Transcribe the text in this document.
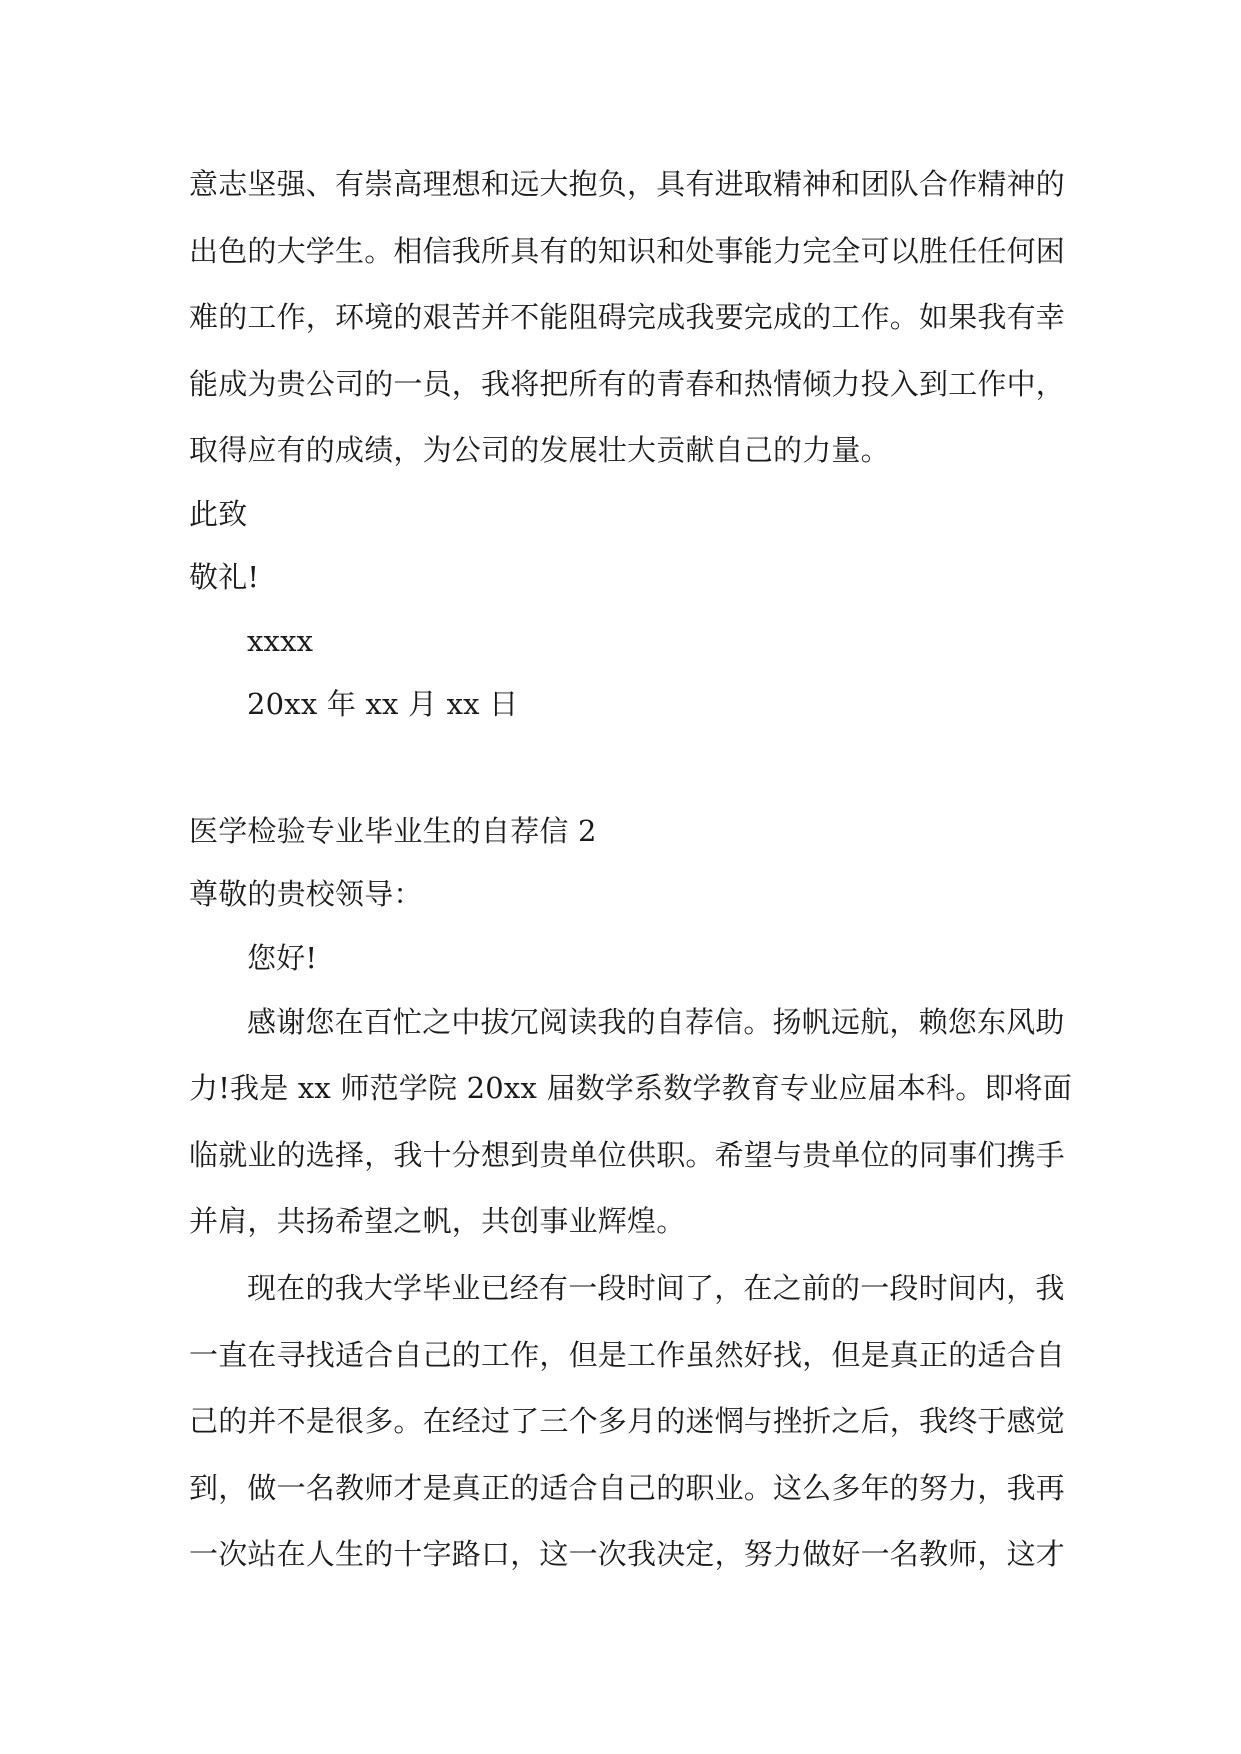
意志坚强、有崇高理想和远大抱负，具有进取精神和团队合作精神的
出色的大学生。相信我所具有的知识和处事能力完全可以胜任任何困
难的工作，环境的艰苦并不能阻碍完成我要完成的工作。如果我有幸
能成为贵公司的一员，我将把所有的青春和热情倾力投入到工作中，
取得应有的成绩，为公司的发展壮大贡献自己的力量。
此致
敬礼!
xxxx
20xx 年 xx 月 xx 日
医学检验专业毕业生的自荐信 2
尊敬的贵校领导：
您好!
感谢您在百忙之中拔冗阅读我的自荐信。扬帆远航，赖您东风助
力!我是 xx 师范学院 20xx 届数学系数学教育专业应届本科。即将面
临就业的选择，我十分想到贵单位供职。希望与贵单位的同事们携手
并肩，共扬希望之帆，共创事业辉煌。
现在的我大学毕业已经有一段时间了，在之前的一段时间内，我
一直在寻找适合自己的工作，但是工作虽然好找，但是真正的适合自
己的并不是很多。在经过了三个多月的迷惘与挫折之后，我终于感觉
到，做一名教师才是真正的适合自己的职业。这么多年的努力，我再
一次站在人生的十字路口，这一次我决定，努力做好一名教师，这才
